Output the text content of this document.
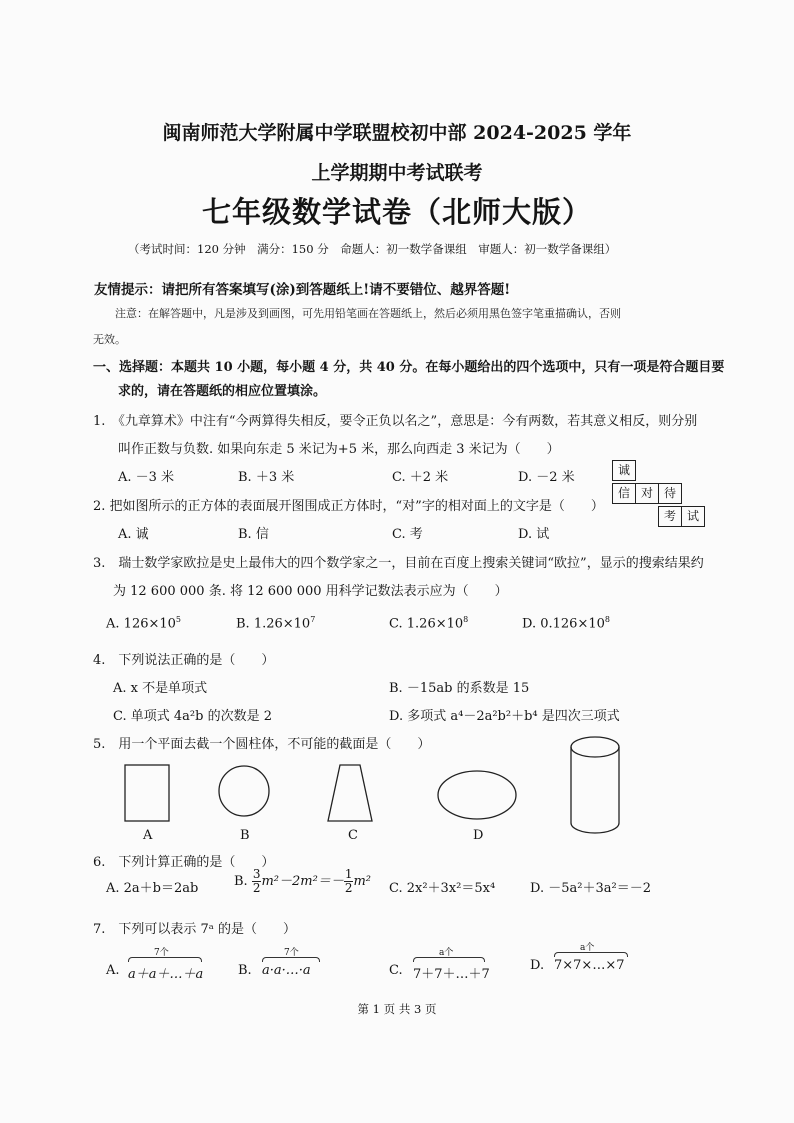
闽南师范大学附属中学联盟校初中部 2024-2025 学年
上学期期中考试联考
七年级数学试卷（北师大版）
（考试时间：120 分钟　满分：150 分　命题人：初一数学备课组　审题人：初一数学备课组）
友情提示：请把所有答案填写(涂)到答题纸上!请不要错位、越界答题!
注意：在解答题中，凡是涉及到画图，可先用铅笔画在答题纸上，然后必须用黑色签字笔重描确认，否则
无效。
一、选择题：本题共 10 小题，每小题 4 分，共 40 分。在每小题给出的四个选项中，只有一项是符合题目要
求的，请在答题纸的相应位置填涂。
1.　《九章算术》中注有“今两算得失相反，要令正负以名之”，意思是：今有两数，若其意义相反，则分别
叫作正数与负数. 如果向东走 5 米记为+5 米，那么向西走 3 米记为（　　）
A. －3 米	B. ＋3 米	C. ＋2 米	D. －2 米	诚
信 对 待
考 试
2. 把如图所示的正方体的表面展开图围成正方体时，“对”字的相对面上的文字是（　　）
A. 诚	B. 信	C. 考	D. 试
3.　瑞士数学家欧拉是史上最伟大的四个数学家之一，目前在百度上搜索关键词“欧拉”，显示的搜索结果约
为 12 600 000 条. 将 12 600 000 用科学记数法表示应为（　　）
A. $126\times 10^5$	B. $1.26\times 10^7$	C. $1.26\times 10^8$	D. $0.126\times 10^8$
4.　下列说法正确的是（　　）
A. x 不是单项式	B. －15ab 的系数是 15
C. 单项式 4a²b 的次数是 2	D. 多项式 a⁴－2a²b²＋b⁴ 是四次三项式
5.　用一个平面去截一个圆柱体，不可能的截面是（　　）
A	B	C	D
6.　下列计算正确的是（　　）
A. 2a＋b＝2ab	B. $\frac{3}{2} m^2-2m^2=- \frac{1}{2} m^2$ C. 2x²＋3x²＝5x⁴	D. －5a²＋3a²＝－2
7.　下列可以表示 7ᵃ 的是（　　）
7个
A. a＋a＋…＋a
7个
B. a·a·…·a
a个
C. 7＋7＋…＋7
a个
D. 7×7×…×7
第 1 页 共 3 页
